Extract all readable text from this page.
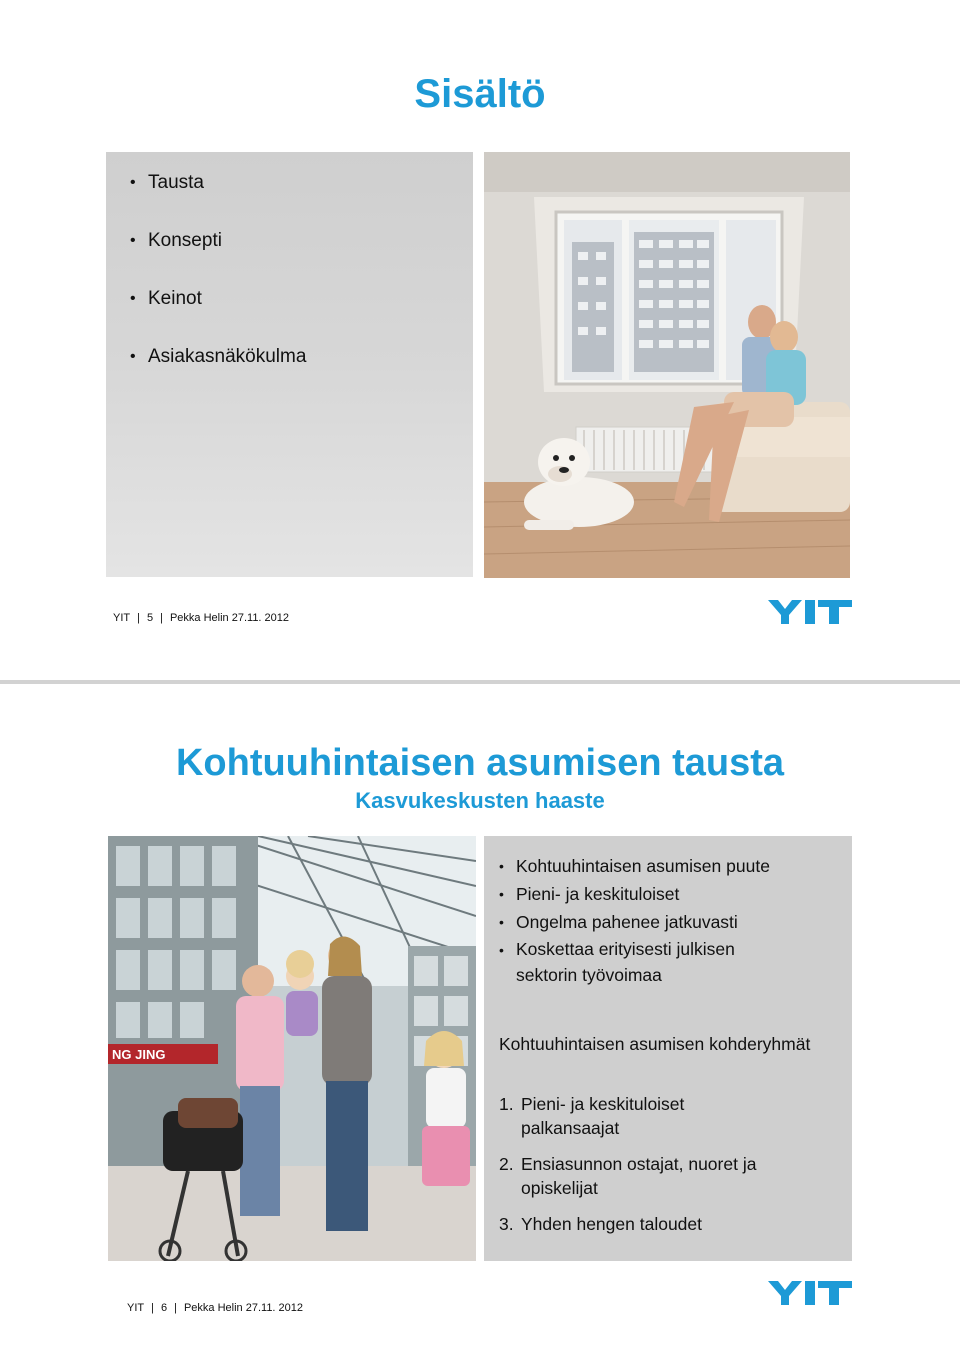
Sisältö
• Tausta
• Konsepti
• Keinot
• Asiakasnäkökulma
YIT | 5 | Pekka Helin 27.11. 2012
Kohtuuhintaisen asumisen tausta
Kasvukeskusten haaste
NG JING
• Kohtuuhintaisen asumisen puute
• Pieni- ja keskituloiset
• Ongelma pahenee jatkuvasti
• Koskettaa erityisesti julkisen
sektorin työvoimaa
Kohtuuhintaisen asumisen kohderyhmät
1. Pieni- ja keskituloiset
palkansaajat
2. Ensiasunnon ostajat, nuoret ja
opiskelijat
3. Yhden hengen taloudet
YIT | 6 | Pekka Helin 27.11. 2012
